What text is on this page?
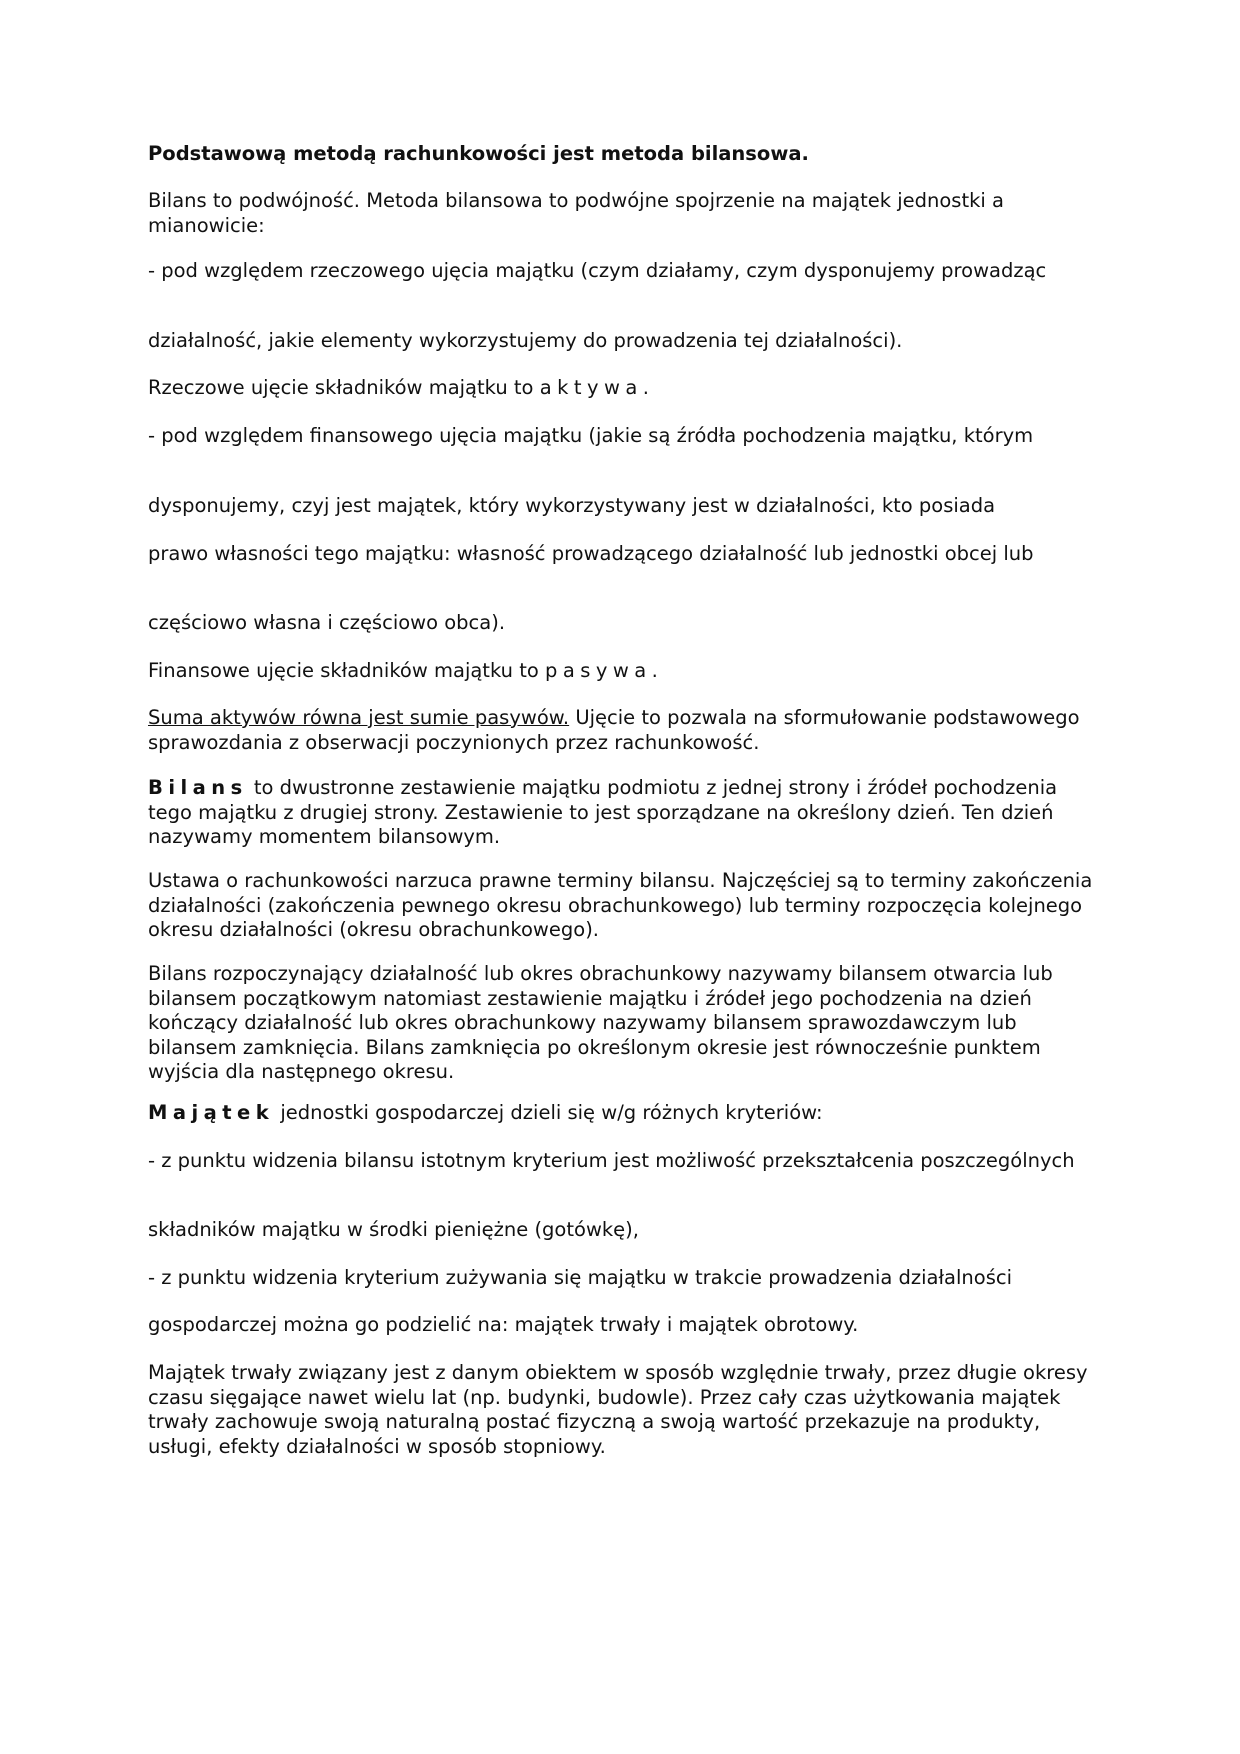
Podstawową metodą rachunkowości jest metoda bilansowa.

Bilans to podwójność. Metoda bilansowa to podwójne spojrzenie na majątek jednostki a mianowicie:

- pod względem rzeczowego ujęcia majątku (czym działamy, czym dysponujemy prowadząc

działalność, jakie elementy wykorzystujemy do prowadzenia tej działalności).

Rzeczowe ujęcie składników majątku to aktywa.

- pod względem finansowego ujęcia majątku (jakie są źródła pochodzenia majątku, którym

dysponujemy, czyj jest majątek, który wykorzystywany jest w działalności, kto posiada

prawo własności tego majątku: własność prowadzącego działalność lub jednostki obcej lub

częściowo własna i częściowo obca).

Finansowe ujęcie składników majątku to pasywa.

Suma aktywów równa jest sumie pasywów. Ujęcie to pozwala na sformułowanie podstawowego sprawozdania z obserwacji poczynionych przez rachunkowość.

Bilans to dwustronne zestawienie majątku podmiotu z jednej strony i źródeł pochodzenia tego majątku z drugiej strony. Zestawienie to jest sporządzane na określony dzień. Ten dzień nazywamy momentem bilansowym.

Ustawa o rachunkowości narzuca prawne terminy bilansu. Najczęściej są to terminy zakończenia działalności (zakończenia pewnego okresu obrachunkowego) lub terminy rozpoczęcia kolejnego okresu działalności (okresu obrachunkowego).

Bilans rozpoczynający działalność lub okres obrachunkowy nazywamy bilansem otwarcia lub bilansem początkowym natomiast zestawienie majątku i źródeł jego pochodzenia na dzień kończący działalność lub okres obrachunkowy nazywamy bilansem sprawozdawczym lub bilansem zamknięcia. Bilans zamknięcia po określonym okresie jest równocześnie punktem wyjścia dla następnego okresu.

Majątek jednostki gospodarczej dzieli się w/g różnych kryteriów:

- z punktu widzenia bilansu istotnym kryterium jest możliwość przekształcenia poszczególnych

składników majątku w środki pieniężne (gotówkę),

- z punktu widzenia kryterium zużywania się majątku w trakcie prowadzenia działalności

gospodarczej można go podzielić na: majątek trwały i majątek obrotowy.

Majątek trwały związany jest z danym obiektem w sposób względnie trwały, przez długie okresy czasu sięgające nawet wielu lat (np. budynki, budowle). Przez cały czas użytkowania majątek trwały zachowuje swoją naturalną postać fizyczną a swoją wartość przekazuje na produkty, usługi, efekty działalności w sposób stopniowy.
